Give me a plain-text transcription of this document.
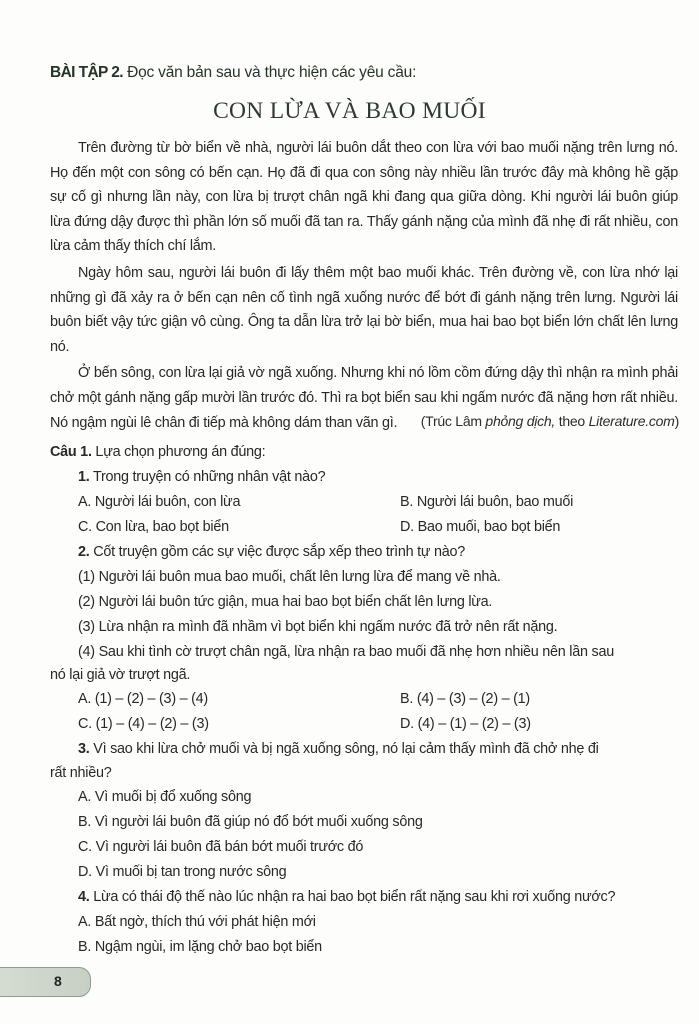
BÀI TẬP 2. Đọc văn bản sau và thực hiện các yêu cầu:
CON LỪA VÀ BAO MUỐI

Trên đường từ bờ biển về nhà, người lái buôn dắt theo con lừa với bao muối nặng trên lưng nó. Họ đến một con sông có bến cạn. Họ đã đi qua con sông này nhiều lần trước đây mà không hề gặp sự cố gì nhưng lần này, con lừa bị trượt chân ngã khi đang qua giữa dòng. Khi người lái buôn giúp lừa đứng dậy được thì phần lớn số muối đã tan ra. Thấy gánh nặng của mình đã nhẹ đi rất nhiều, con lừa cảm thấy thích chí lắm.

Ngày hôm sau, người lái buôn đi lấy thêm một bao muối khác. Trên đường về, con lừa nhớ lại những gì đã xảy ra ở bến cạn nên cố tình ngã xuống nước để bớt đi gánh nặng trên lưng. Người lái buôn biết vậy tức giận vô cùng. Ông ta dẫn lừa trở lại bờ biển, mua hai bao bọt biển lớn chất lên lưng nó.

Ở bến sông, con lừa lại giả vờ ngã xuống. Nhưng khi nó lồm cồm đứng dậy thì nhận ra mình phải chở một gánh nặng gấp mười lần trước đó. Thì ra bọt biển sau khi ngấm nước đã nặng hơn rất nhiều. Nó ngậm ngùi lê chân đi tiếp mà không dám than vãn gì.	(Trúc Lâm phỏng dịch, theo Literature.com)
Câu 1. Lựa chọn phương án đúng:
1. Trong truyện có những nhân vật nào?
A. Người lái buôn, con lừa	B. Người lái buôn, bao muối
C. Con lừa, bao bọt biển	D. Bao muối, bao bọt biển
2. Cốt truyện gồm các sự việc được sắp xếp theo trình tự nào?
(1) Người lái buôn mua bao muối, chất lên lưng lừa để mang về nhà.
(2) Người lái buôn tức giận, mua hai bao bọt biển chất lên lưng lừa.
(3) Lừa nhận ra mình đã nhầm vì bọt biển khi ngấm nước đã trở nên rất nặng.
(4) Sau khi tình cờ trượt chân ngã, lừa nhận ra bao muối đã nhẹ hơn nhiều nên lần sau
nó lại giả vờ trượt ngã.
A. (1) – (2) – (3) – (4)	B. (4) – (3) – (2) – (1)
C. (1) – (4) – (2) – (3)	D. (4) – (1) – (2) – (3)
3. Vì sao khi lừa chở muối và bị ngã xuống sông, nó lại cảm thấy mình đã chở nhẹ đi
rất nhiều?
A. Vì muối bị đổ xuống sông
B. Vì người lái buôn đã giúp nó đổ bớt muối xuống sông
C. Vì người lái buôn đã bán bớt muối trước đó
D. Vì muối bị tan trong nước sông
4. Lừa có thái độ thế nào lúc nhận ra hai bao bọt biển rất nặng sau khi rơi xuống nước?
A. Bất ngờ, thích thú với phát hiện mới
B. Ngậm ngùi, im lặng chở bao bọt biển
8
